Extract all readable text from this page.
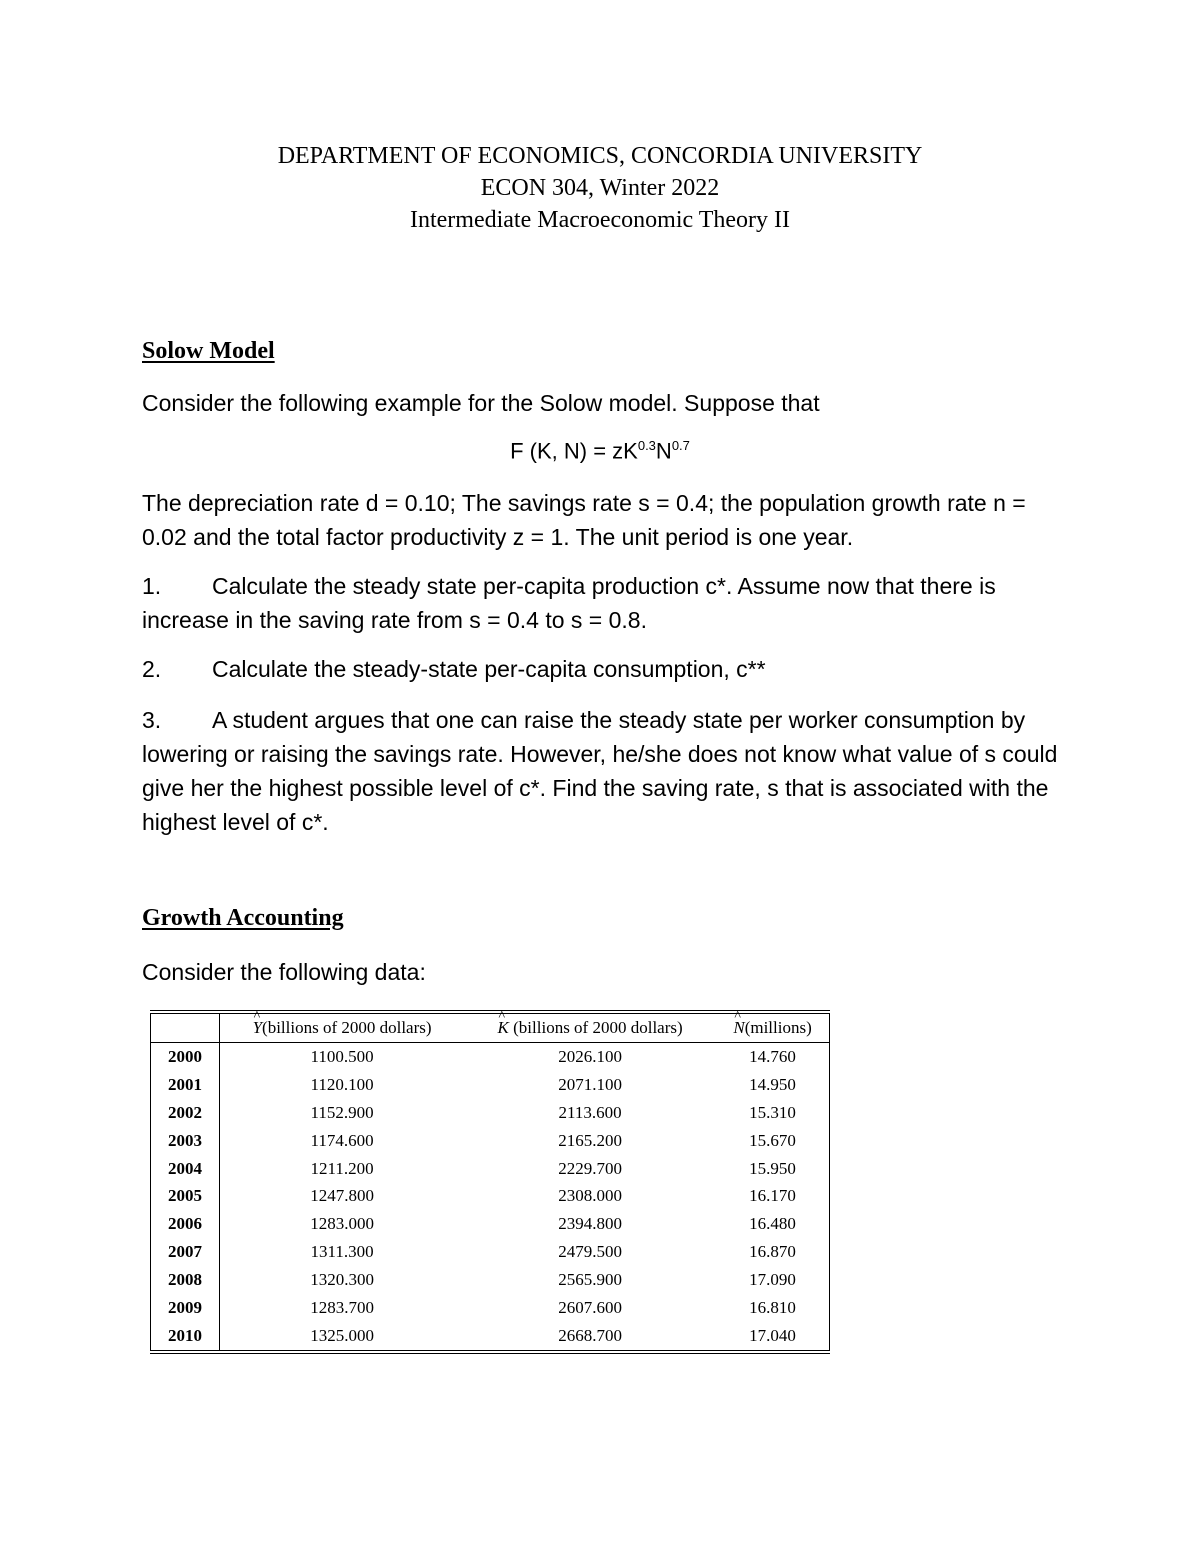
DEPARTMENT OF ECONOMICS, CONCORDIA UNIVERSITY
ECON 304, Winter 2022
Intermediate Macroeconomic Theory II
Solow Model
Consider the following example for the Solow model. Suppose that
F (K, $N) = zK^{0.3}N^{0.7}$
The depreciation rate d = 0.10; The savings rate s = 0.4; the population growth rate n = 0.02 and the total factor productivity z = 1. The unit period is one year.
1. Calculate the steady state per-capita production c*. Assume now that there is increase in the saving rate from s = 0.4 to s = 0.8.
2. Calculate the steady-state per-capita consumption, c**
3. A student argues that one can raise the steady state per worker consumption by lowering or raising the savings rate. However, he/she does not know what value of s could give her the highest possible level of c*. Find the saving rate, s that is associated with the highest level of c*.
Growth Accounting
Consider the following data:
	^ Y(billions of 2000 dollars)	^ K (billions of 2000 dollars)	^ N(millions)
2000	1100.500	2026.100	14.760
2001	1120.100	2071.100	14.950
2002	1152.900	2113.600	15.310
2003	1174.600	2165.200	15.670
2004	1211.200	2229.700	15.950
2005	1247.800	2308.000	16.170
2006	1283.000	2394.800	16.480
2007	1311.300	2479.500	16.870
2008	1320.300	2565.900	17.090
2009	1283.700	2607.600	16.810
2010	1325.000	2668.700	17.040
